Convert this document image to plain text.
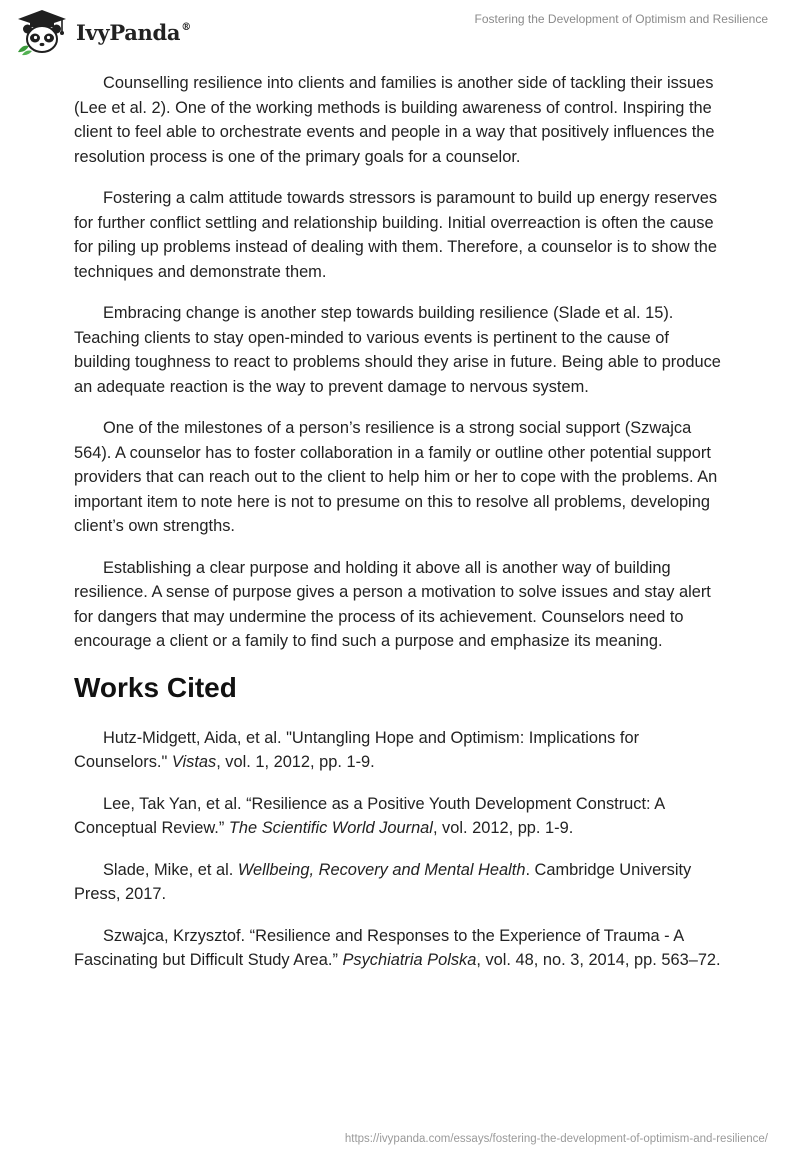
IvyPanda®
Fostering the Development of Optimism and Resilience

Counselling resilience into clients and families is another side of tackling their issues (Lee et al. 2). One of the working methods is building awareness of control. Inspiring the client to feel able to orchestrate events and people in a way that positively influences the resolution process is one of the primary goals for a counselor.

Fostering a calm attitude towards stressors is paramount to build up energy reserves for further conflict settling and relationship building. Initial overreaction is often the cause for piling up problems instead of dealing with them. Therefore, a counselor is to show the techniques and demonstrate them.

Embracing change is another step towards building resilience (Slade et al. 15). Teaching clients to stay open-minded to various events is pertinent to the cause of building toughness to react to problems should they arise in future. Being able to produce an adequate reaction is the way to prevent damage to nervous system.

One of the milestones of a person’s resilience is a strong social support (Szwajca 564). A counselor has to foster collaboration in a family or outline other potential support providers that can reach out to the client to help him or her to cope with the problems. An important item to note here is not to presume on this to resolve all problems, developing client’s own strengths.

Establishing a clear purpose and holding it above all is another way of building resilience. A sense of purpose gives a person a motivation to solve issues and stay alert for dangers that may undermine the process of its achievement. Counselors need to encourage a client or a family to find such a purpose and emphasize its meaning.

Works Cited

Hutz-Midgett, Aida, et al. "Untangling Hope and Optimism: Implications for Counselors." Vistas, vol. 1, 2012, pp. 1-9.

Lee, Tak Yan, et al. “Resilience as a Positive Youth Development Construct: A Conceptual Review.” The Scientific World Journal, vol. 2012, pp. 1-9.

Slade, Mike, et al. Wellbeing, Recovery and Mental Health. Cambridge University Press, 2017.

Szwajca, Krzysztof. “Resilience and Responses to the Experience of Trauma - A Fascinating but Difficult Study Area.” Psychiatria Polska, vol. 48, no. 3, 2014, pp. 563–72.

https://ivypanda.com/essays/fostering-the-development-of-optimism-and-resilience/
